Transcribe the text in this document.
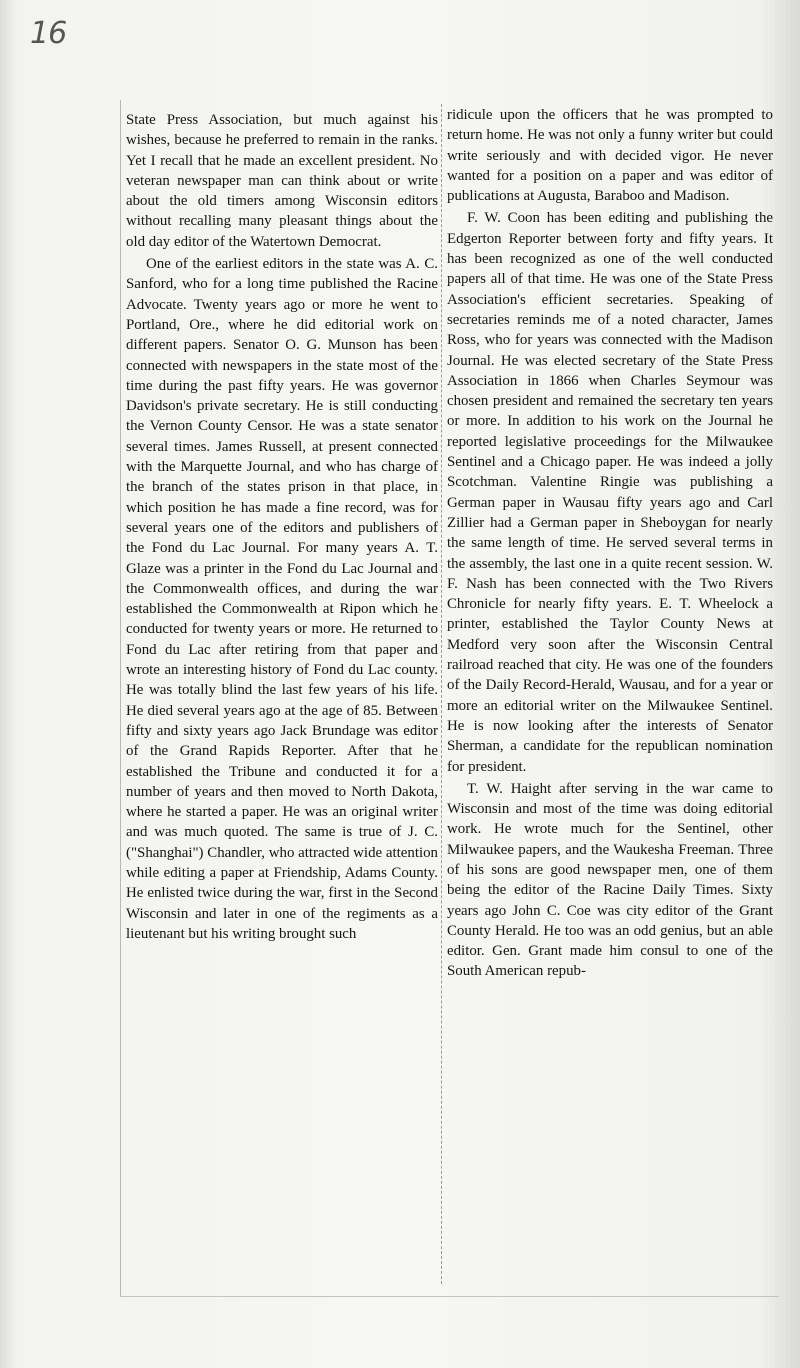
16

State Press Association, but much against his wishes, because he preferred to remain in the ranks. Yet I recall that he made an excellent president. No veteran newspaper man can think about or write about the old timers among Wisconsin editors without recalling many pleasant things about the old day editor of the Watertown Democrat.

One of the earliest editors in the state was A. C. Sanford, who for a long time published the Racine Advocate. Twenty years ago or more he went to Portland, Ore., where he did editorial work on different papers. Senator O. G. Munson has been connected with newspapers in the state most of the time during the past fifty years. He was governor Davidson's private secretary. He is still conducting the Vernon County Censor. He was a state senator several times. James Russell, at present connected with the Marquette Journal, and who has charge of the branch of the states prison in that place, in which position he has made a fine record, was for several years one of the editors and publishers of the Fond du Lac Journal. For many years A. T. Glaze was a printer in the Fond du Lac Journal and the Commonwealth offices, and during the war established the Commonwealth at Ripon which he conducted for twenty years or more. He returned to Fond du Lac after retiring from that paper and wrote an interesting history of Fond du Lac county. He was totally blind the last few years of his life. He died several years ago at the age of 85. Between fifty and sixty years ago Jack Brundage was editor of the Grand Rapids Reporter. After that he established the Tribune and conducted it for a number of years and then moved to North Dakota, where he started a paper. He was an original writer and was much quoted. The same is true of J. C. ("Shanghai") Chandler, who attracted wide attention while editing a paper at Friendship, Adams County. He enlisted twice during the war, first in the Second Wisconsin and later in one of the regiments as a lieutenant but his writing brought such

ridicule upon the officers that he was prompted to return home. He was not only a funny writer but could write seriously and with decided vigor. He never wanted for a position on a paper and was editor of publications at Augusta, Baraboo and Madison.

F. W. Coon has been editing and publishing the Edgerton Reporter between forty and fifty years. It has been recognized as one of the well conducted papers all of that time. He was one of the State Press Association's efficient secretaries. Speaking of secretaries reminds me of a noted character, James Ross, who for years was connected with the Madison Journal. He was elected secretary of the State Press Association in 1866 when Charles Seymour was chosen president and remained the secretary ten years or more. In addition to his work on the Journal he reported legislative proceedings for the Milwaukee Sentinel and a Chicago paper. He was indeed a jolly Scotchman. Valentine Ringie was publishing a German paper in Wausau fifty years ago and Carl Zillier had a German paper in Sheboygan for nearly the same length of time. He served several terms in the assembly, the last one in a quite recent session. W. F. Nash has been connected with the Two Rivers Chronicle for nearly fifty years. E. T. Wheelock a printer, established the Taylor County News at Medford very soon after the Wisconsin Central railroad reached that city. He was one of the founders of the Daily Record-Herald, Wausau, and for a year or more an editorial writer on the Milwaukee Sentinel. He is now looking after the interests of Senator Sherman, a candidate for the republican nomination for president.

T. W. Haight after serving in the war came to Wisconsin and most of the time was doing editorial work. He wrote much for the Sentinel, other Milwaukee papers, and the Waukesha Freeman. Three of his sons are good newspaper men, one of them being the editor of the Racine Daily Times. Sixty years ago John C. Coe was city editor of the Grant County Herald. He too was an odd genius, but an able editor. Gen. Grant made him consul to one of the South American repub-
